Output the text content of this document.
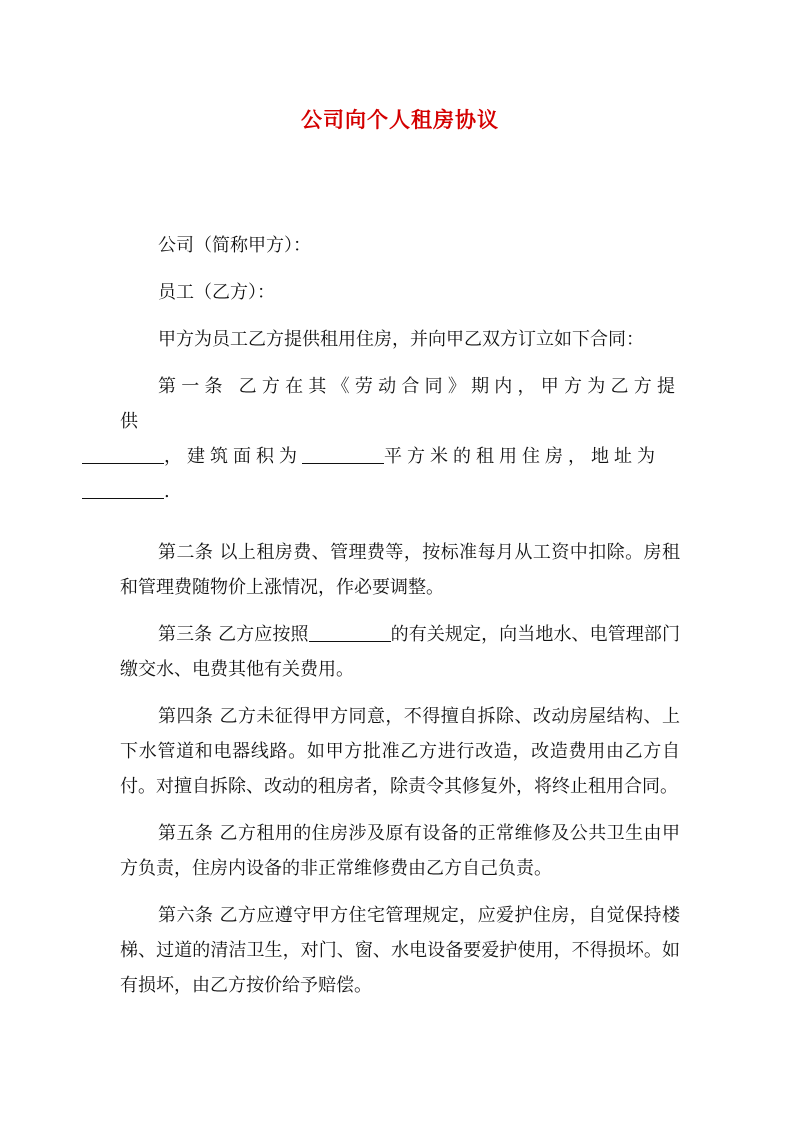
公司向个人租房协议

公司（简称甲方）：

员工（乙方）：

甲方为员工乙方提供租用住房，并向甲乙双方订立如下合同：

第一条 乙方在其《劳动合同》期内，甲方为乙方提供
，建筑面积为	平方米的租用住房，地址为
.

第二条 以上租房费、管理费等，按标准每月从工资中扣除。房租和管理费随物价上涨情况，作必要调整。

第三条 乙方应按照	的有关规定，向当地水、电管理部门缴交水、电费其他有关费用。

第四条 乙方未征得甲方同意，不得擅自拆除、改动房屋结构、上下水管道和电器线路。如甲方批准乙方进行改造，改造费用由乙方自付。对擅自拆除、改动的租房者，除责令其修复外，将终止租用合同。

第五条 乙方租用的住房涉及原有设备的正常维修及公共卫生由甲方负责，住房内设备的非正常维修费由乙方自己负责。

第六条 乙方应遵守甲方住宅管理规定，应爱护住房，自觉保持楼梯、过道的清洁卫生，对门、窗、水电设备要爱护使用，不得损坏。如有损坏，由乙方按价给予赔偿。
